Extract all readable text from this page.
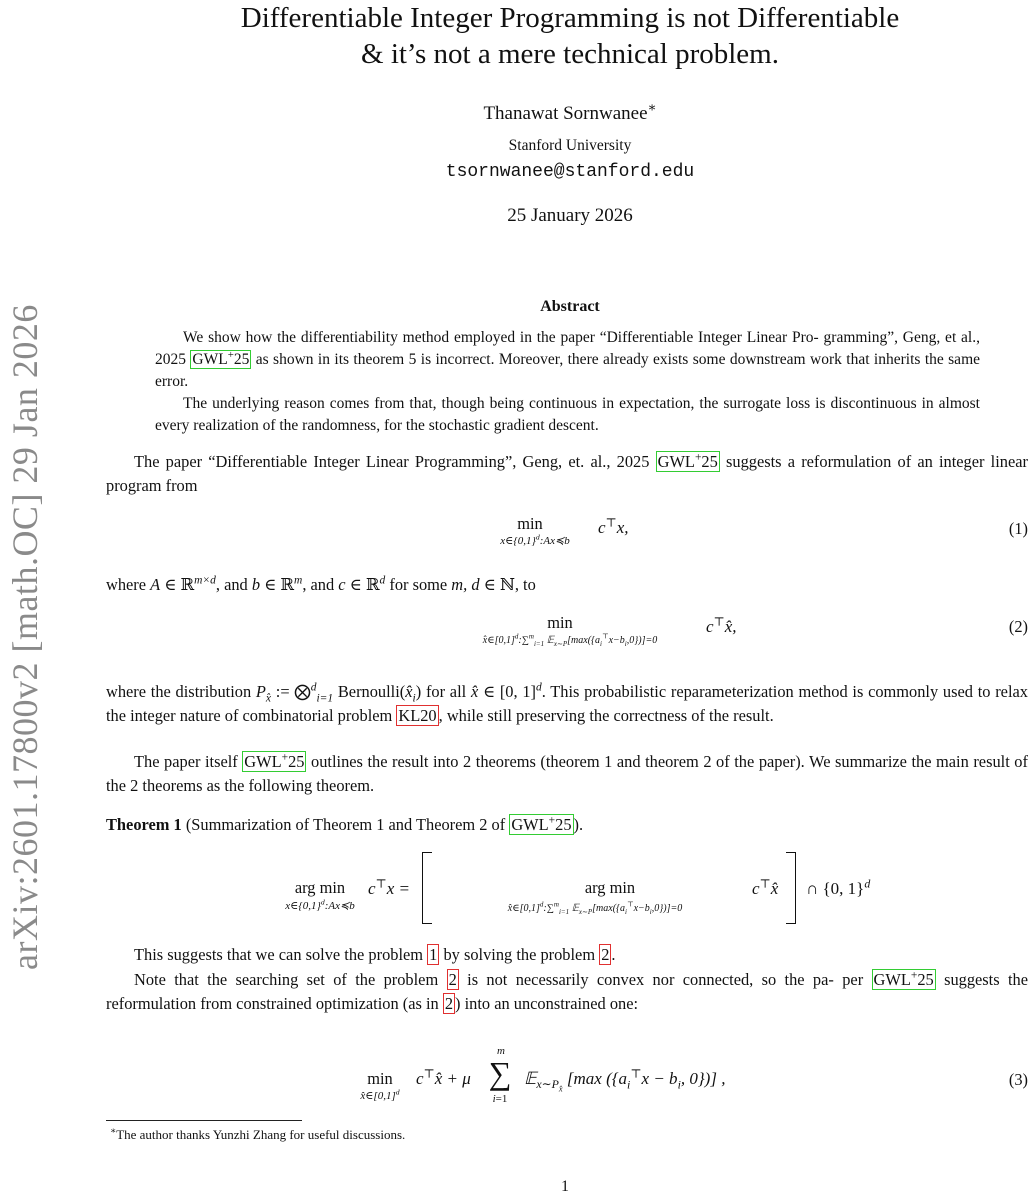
arXiv:2601.17800v2 [math.OC] 29 Jan 2026
Differentiable Integer Programming is not Differentiable
& it’s not a mere technical problem.
Thanawat Sornwanee∗
Stanford University
tsornwanee@stanford.edu
25 January 2026
Abstract
We show how the differentiability method employed in the paper “Differentiable Integer Linear Pro- gramming”, Geng, et al., 2025 GWL+25 as shown in its theorem 5 is incorrect. Moreover, there already exists some downstream work that inherits the same error.
The underlying reason comes from that, though being continuous in expectation, the surrogate loss is discontinuous in almost every realization of the randomness, for the stochastic gradient descent.
The paper “Differentiable Integer Linear Programming”, Geng, et. al., 2025 GWL+25 suggests a reformulation of an integer linear program from
min
$x\in\{0,1\}^d:Ax≼b$
c⊤x,	(1)
where A ∈ ℝ$^{m\times d}$, and b ∈ ℝ$^m$, and c ∈ ℝ$^d$ for some m, d ∈ ℕ, to
min
$̂x\in[0,1]^d:\sum^m_{i=1}$ $𝔼_{x\sim P}[\max(\{a_i^⊤x-b_i,0\})]=0$
c⊤x̂,	(2)
where the distribution $P_{x̂}$ := ⨂$^d_{i=1}$ $Bernoulli(x̂_i)$ for all x̂ ∈ [0, 1]$^d$. This probabilistic reparameterization method is commonly used to relax the integer nature of combinatorial problem KL20 , while still preserving the correctness of the result.
The paper itself GWL+25 outlines the result into 2 theorems (theorem 1 and theorem 2 of the paper). We summarize the main result of the 2 theorems as the following theorem.
Theorem 1 (Summarization of Theorem 1 and Theorem 2 of GWL+25 ).
arg min
$x\in\{0,1\}^d:Ax≼b$
c⊤x =	arg min
$x̂\in[0,1]^d:\sum^m_{i=1}$ $𝔼_{x\sim P}[\max(\{a_i^⊤x-b_i,0\})]=0$
c⊤x̂ ∩ {0, 1}$^d$
This suggests that we can solve the problem 1 by solving the problem 2 .
Note that the searching set of the problem 2 is not necessarily convex nor connected, so the pa- per GWL+25 suggests the reformulation from constrained optimization (as in 2 ) into an unconstrained one:
min
$x̂\in[0,1]^d$
c⊤x̂ + μ
m
∑
i=1
𝔼$_{x\sim P_{x̂}}$ [max ({$a_i^⊤x - b_i$, 0})] ,	(3)
∗The author thanks Yunzhi Zhang for useful discussions.
1
